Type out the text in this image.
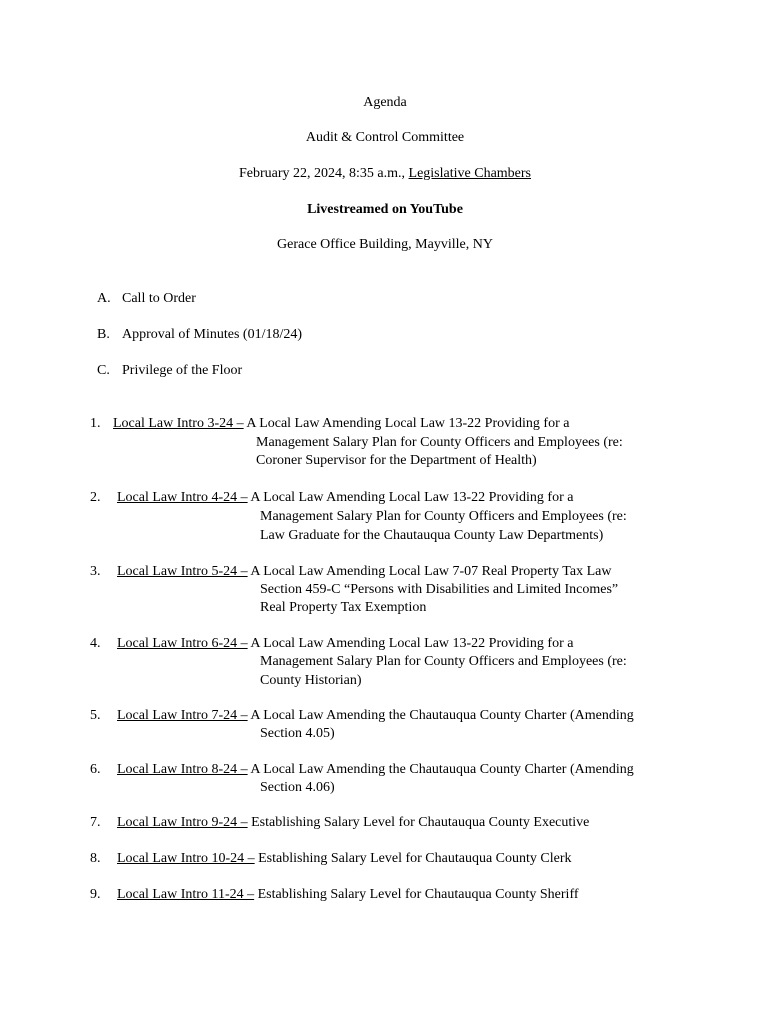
Agenda
Audit & Control Committee
February 22, 2024, 8:35 a.m., Legislative Chambers
Livestreamed on YouTube
Gerace Office Building, Mayville, NY
A. Call to Order
B. Approval of Minutes (01/18/24)
C. Privilege of the Floor
1. Local Law Intro 3-24 – A Local Law Amending Local Law 13-22 Providing for a
Management Salary Plan for County Officers and Employees (re:
Coroner Supervisor for the Department of Health)
2. Local Law Intro 4-24 – A Local Law Amending Local Law 13-22 Providing for a
Management Salary Plan for County Officers and Employees (re:
Law Graduate for the Chautauqua County Law Departments)
3. Local Law Intro 5-24 – A Local Law Amending Local Law 7-07 Real Property Tax Law
Section 459-C “Persons with Disabilities and Limited Incomes”
Real Property Tax Exemption
4. Local Law Intro 6-24 – A Local Law Amending Local Law 13-22 Providing for a
Management Salary Plan for County Officers and Employees (re:
County Historian)
5. Local Law Intro 7-24 – A Local Law Amending the Chautauqua County Charter (Amending
Section 4.05)
6. Local Law Intro 8-24 – A Local Law Amending the Chautauqua County Charter (Amending
Section 4.06)
7. Local Law Intro 9-24 – Establishing Salary Level for Chautauqua County Executive
8. Local Law Intro 10-24 – Establishing Salary Level for Chautauqua County Clerk
9. Local Law Intro 11-24 – Establishing Salary Level for Chautauqua County Sheriff
